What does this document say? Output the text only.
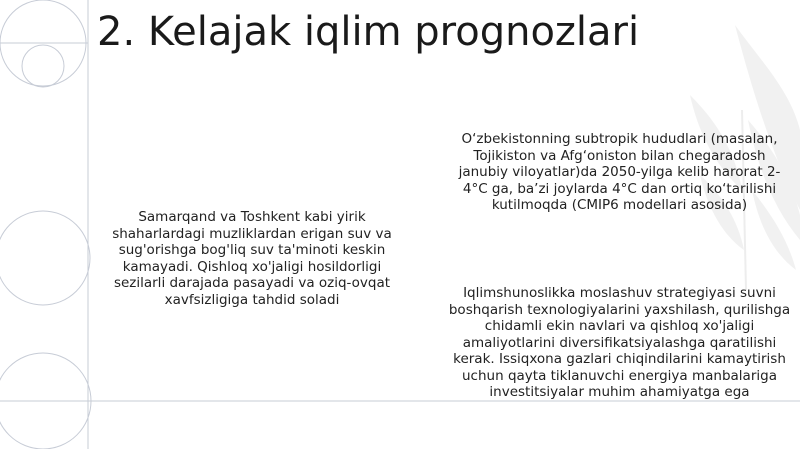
2. Kelajak iqlim prognozlari

Samarqand va Toshkent kabi yirik shaharlardagi muzliklardan erigan suv va sug'orishga bog'liq suv ta'minoti keskin kamayadi. Qishloq xo'jaligi hosildorligi sezilarli darajada pasayadi va oziq-ovqat xavfsizligiga tahdid soladi

O‘zbekistonning subtropik hududlari (masalan, Tojikiston va Afg‘oniston bilan chegaradosh janubiy viloyatlar)da 2050-yilga kelib harorat 2-4°C ga, ba’zi joylarda 4°C dan ortiq ko‘tarilishi kutilmoqda (CMIP6 modellari asosida)

Iqlimshunoslikka moslashuv strategiyasi suvni boshqarish texnologiyalarini yaxshilash, qurilishga chidamli ekin navlari va qishloq xo'jaligi amaliyotlarini diversifikatsiyalashga qaratilishi kerak. Issiqxona gazlari chiqindilarini kamaytirish uchun qayta tiklanuvchi energiya manbalariga investitsiyalar muhim ahamiyatga ega
